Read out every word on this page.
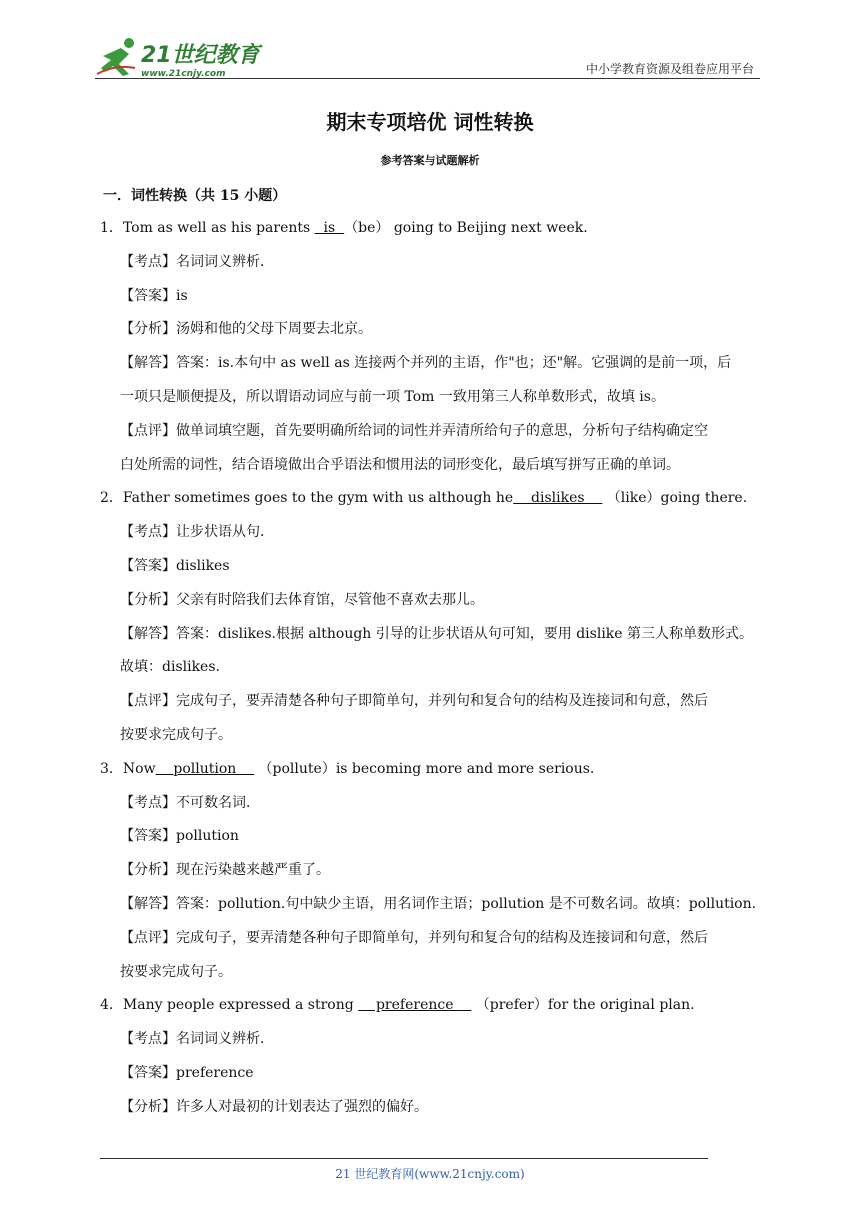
21世纪教育
www.21cnjy.com	中小学教育资源及组卷应用平台
期末专项培优 词性转换
参考答案与试题解析
一．词性转换（共 15 小题）
1．Tom as well as his parents   is  （be） going to Beijing next week.
【考点】名词词义辨析．
【答案】is
【分析】汤姆和他的父母下周要去北京。
【解答】答案：is.本句中 as well as 连接两个并列的主语，作"也；还"解。它强调的是前一项，后
一项只是顺便提及，所以谓语动词应与前一项 Tom 一致用第三人称单数形式，故填 is。
【点评】做单词填空题，首先要明确所给词的词性并弄清所给句子的意思，分析句子结构确定空
白处所需的词性，结合语境做出合乎语法和惯用法的词形变化，最后填写拼写正确的单词。
2．Father sometimes goes to the gym with us although he    dislikes     （like）going there.
【考点】让步状语从句．
【答案】dislikes
【分析】父亲有时陪我们去体育馆，尽管他不喜欢去那儿。
【解答】答案：dislikes.根据 although 引导的让步状语从句可知，要用 dislike 第三人称单数形式。
故填：dislikes.
【点评】完成句子，要弄清楚各种句子即简单句，并列句和复合句的结构及连接词和句意，然后
按要求完成句子。
3．Now    pollution     （pollute）is becoming more and more serious.
【考点】不可数名词．
【答案】pollution
【分析】现在污染越来越严重了。
【解答】答案：pollution.句中缺少主语，用名词作主语；pollution 是不可数名词。故填：pollution.
【点评】完成句子，要弄清楚各种句子即简单句，并列句和复合句的结构及连接词和句意，然后
按要求完成句子。
4．Many people expressed a strong     preference     （prefer）for the original plan.
【考点】名词词义辨析．
【答案】preference
【分析】许多人对最初的计划表达了强烈的偏好。
21 世纪教育网(www.21cnjy.com)
